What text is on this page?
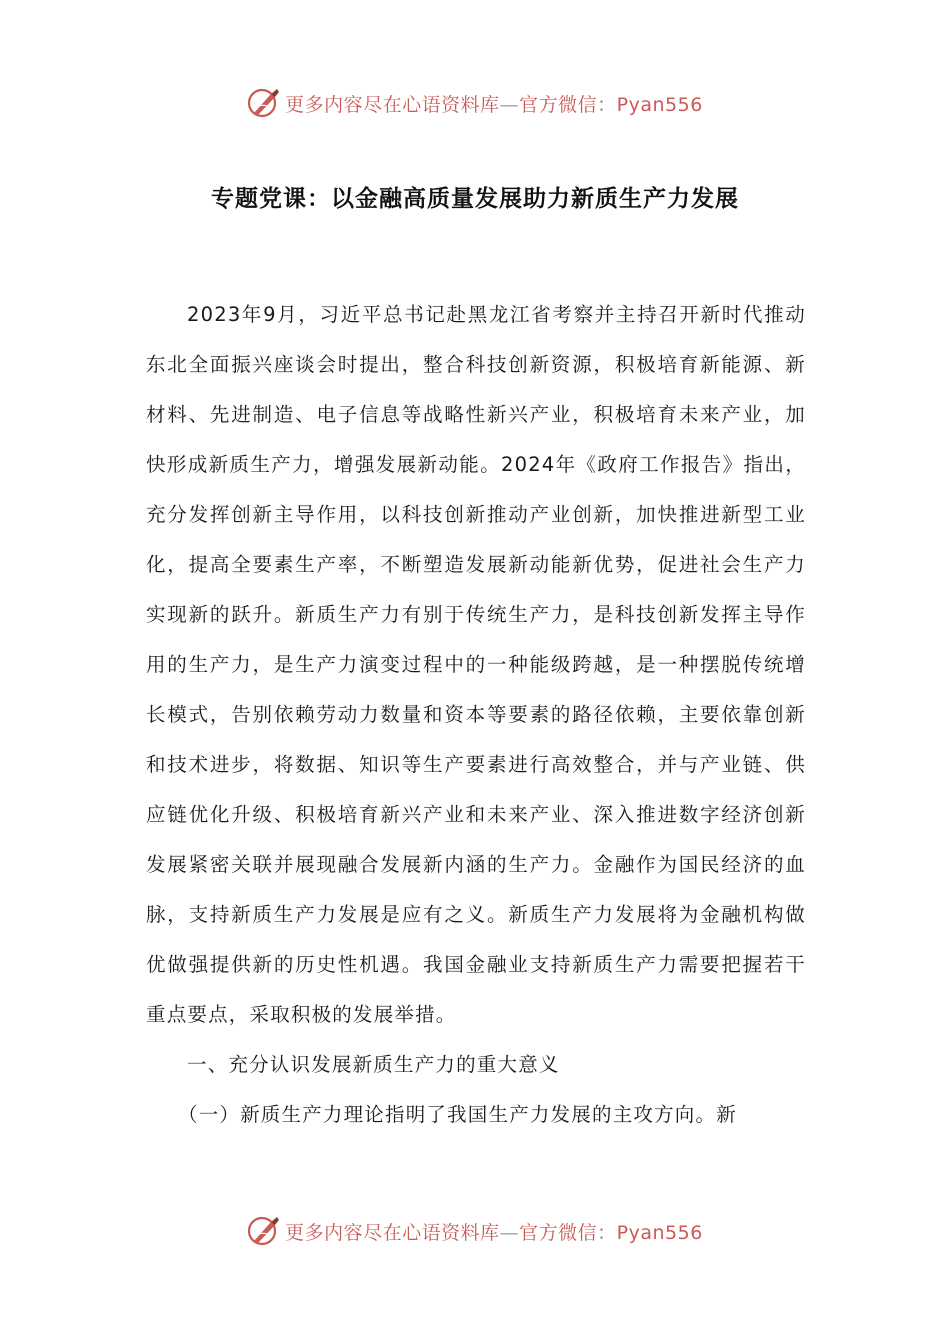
更多内容尽在心语资料库—官方微信：Pyan556
专题党课：以金融高质量发展助力新质生产力发展

2023年9月，习近平总书记赴黑龙江省考察并主持召开新时代推动东北全面振兴座谈会时提出，整合科技创新资源，积极培育新能源、新材料、先进制造、电子信息等战略性新兴产业，积极培育未来产业，加快形成新质生产力，增强发展新动能。2024年《政府工作报告》指出，充分发挥创新主导作用，以科技创新推动产业创新，加快推进新型工业化，提高全要素生产率，不断塑造发展新动能新优势，促进社会生产力实现新的跃升。新质生产力有别于传统生产力，是科技创新发挥主导作用的生产力，是生产力演变过程中的一种能级跨越，是一种摆脱传统增长模式，告别依赖劳动力数量和资本等要素的路径依赖，主要依靠创新和技术进步，将数据、知识等生产要素进行高效整合，并与产业链、供应链优化升级、积极培育新兴产业和未来产业、深入推进数字经济创新发展紧密关联并展现融合发展新内涵的生产力。金融作为国民经济的血脉，支持新质生产力发展是应有之义。新质生产力发展将为金融机构做优做强提供新的历史性机遇。我国金融业支持新质生产力需要把握若干重点要点，采取积极的发展举措。

一、充分认识发展新质生产力的重大意义

（一）新质生产力理论指明了我国生产力发展的主攻方向。新

更多内容尽在心语资料库—官方微信：Pyan556
